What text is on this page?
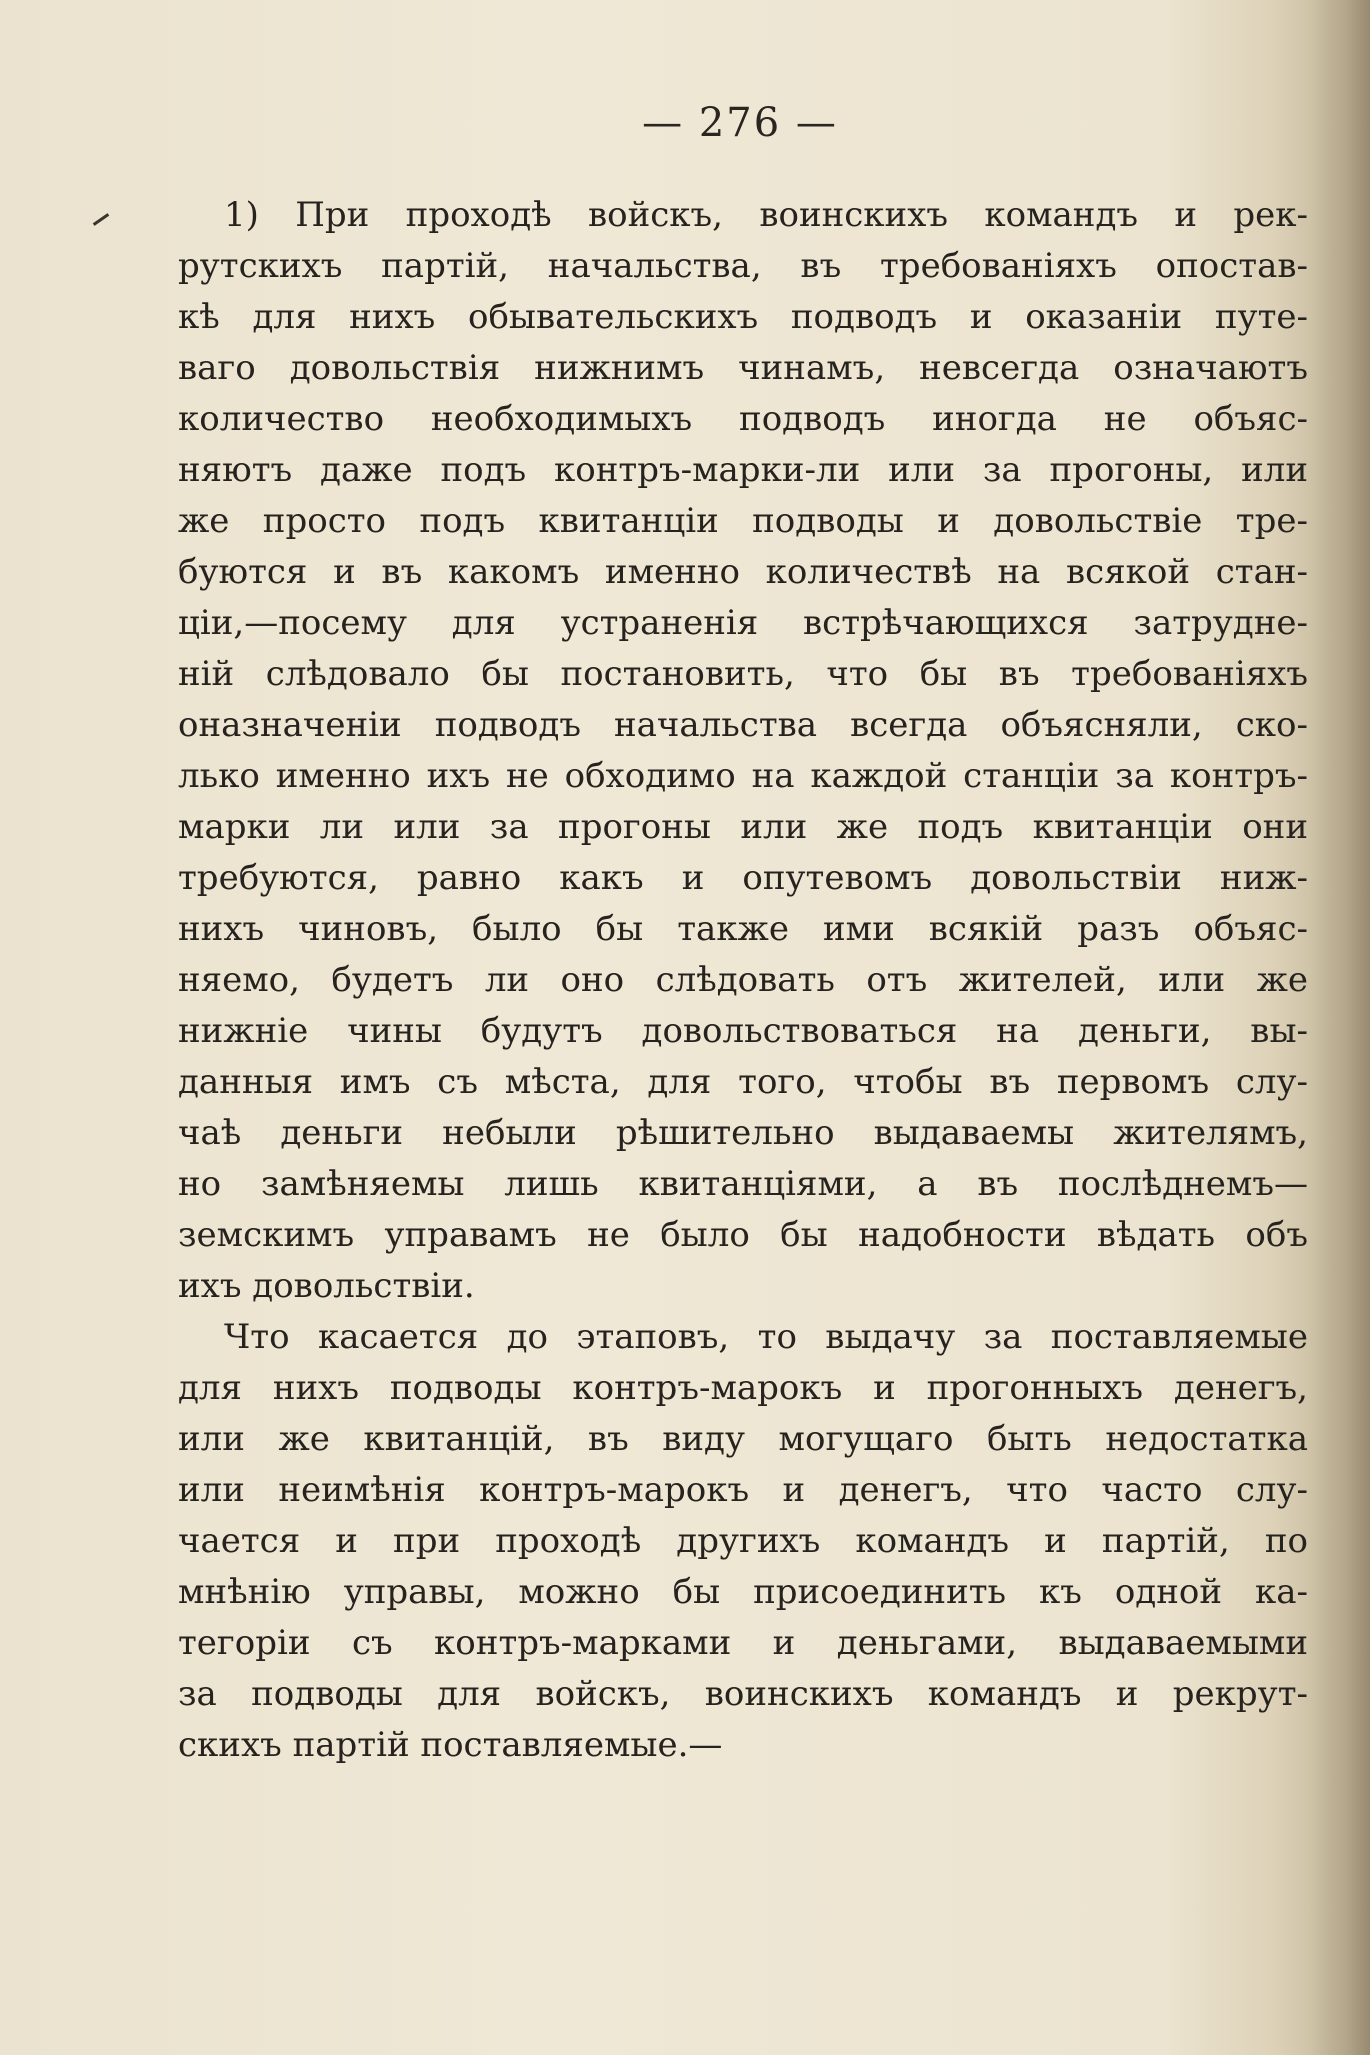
— 276 —
1) При проходѣ войскъ, воинскихъ командъ и рек-
рутскихъ партій, начальства, въ требованіяхъ опостав-
кѣ для нихъ обывательскихъ подводъ и оказаніи путе-
ваго довольствія нижнимъ чинамъ, невсегда означаютъ
количество необходимыхъ подводъ иногда не объяс-
няютъ даже подъ контръ-марки-ли или за прогоны, или
же просто подъ квитанціи подводы и довольствіе тре-
буются и въ какомъ именно количествѣ на всякой стан-
ціи,—посему для устраненія встрѣчающихся затрудне-
ній слѣдовало бы постановить, что бы въ требованіяхъ
оназначеніи подводъ начальства всегда объясняли, ско-
лько именно ихъ не обходимо на каждой станціи за контръ-
марки ли или за прогоны или же подъ квитанціи они
требуются, равно какъ и опутевомъ довольствіи ниж-
нихъ чиновъ, было бы также ими всякій разъ объяс-
няемо, будетъ ли оно слѣдовать отъ жителей, или же
нижніе чины будутъ довольствоваться на деньги, вы-
данныя имъ съ мѣста, для того, чтобы въ первомъ слу-
чаѣ деньги небыли рѣшительно выдаваемы жителямъ,
но замѣняемы лишь квитанціями, а въ послѣднемъ—
земскимъ управамъ не было бы надобности вѣдать объ
ихъ довольствіи.
Что касается до этаповъ, то выдачу за поставляемые
для нихъ подводы контръ-марокъ и прогонныхъ денегъ,
или же квитанцій, въ виду могущаго быть недостатка
или неимѣнія контръ-марокъ и денегъ, что часто слу-
чается и при проходѣ другихъ командъ и партій, по
мнѣнію управы, можно бы присоединить къ одной ка-
тегоріи съ контръ-марками и деньгами, выдаваемыми
за подводы для войскъ, воинскихъ командъ и рекрут-
скихъ партій поставляемые.—
